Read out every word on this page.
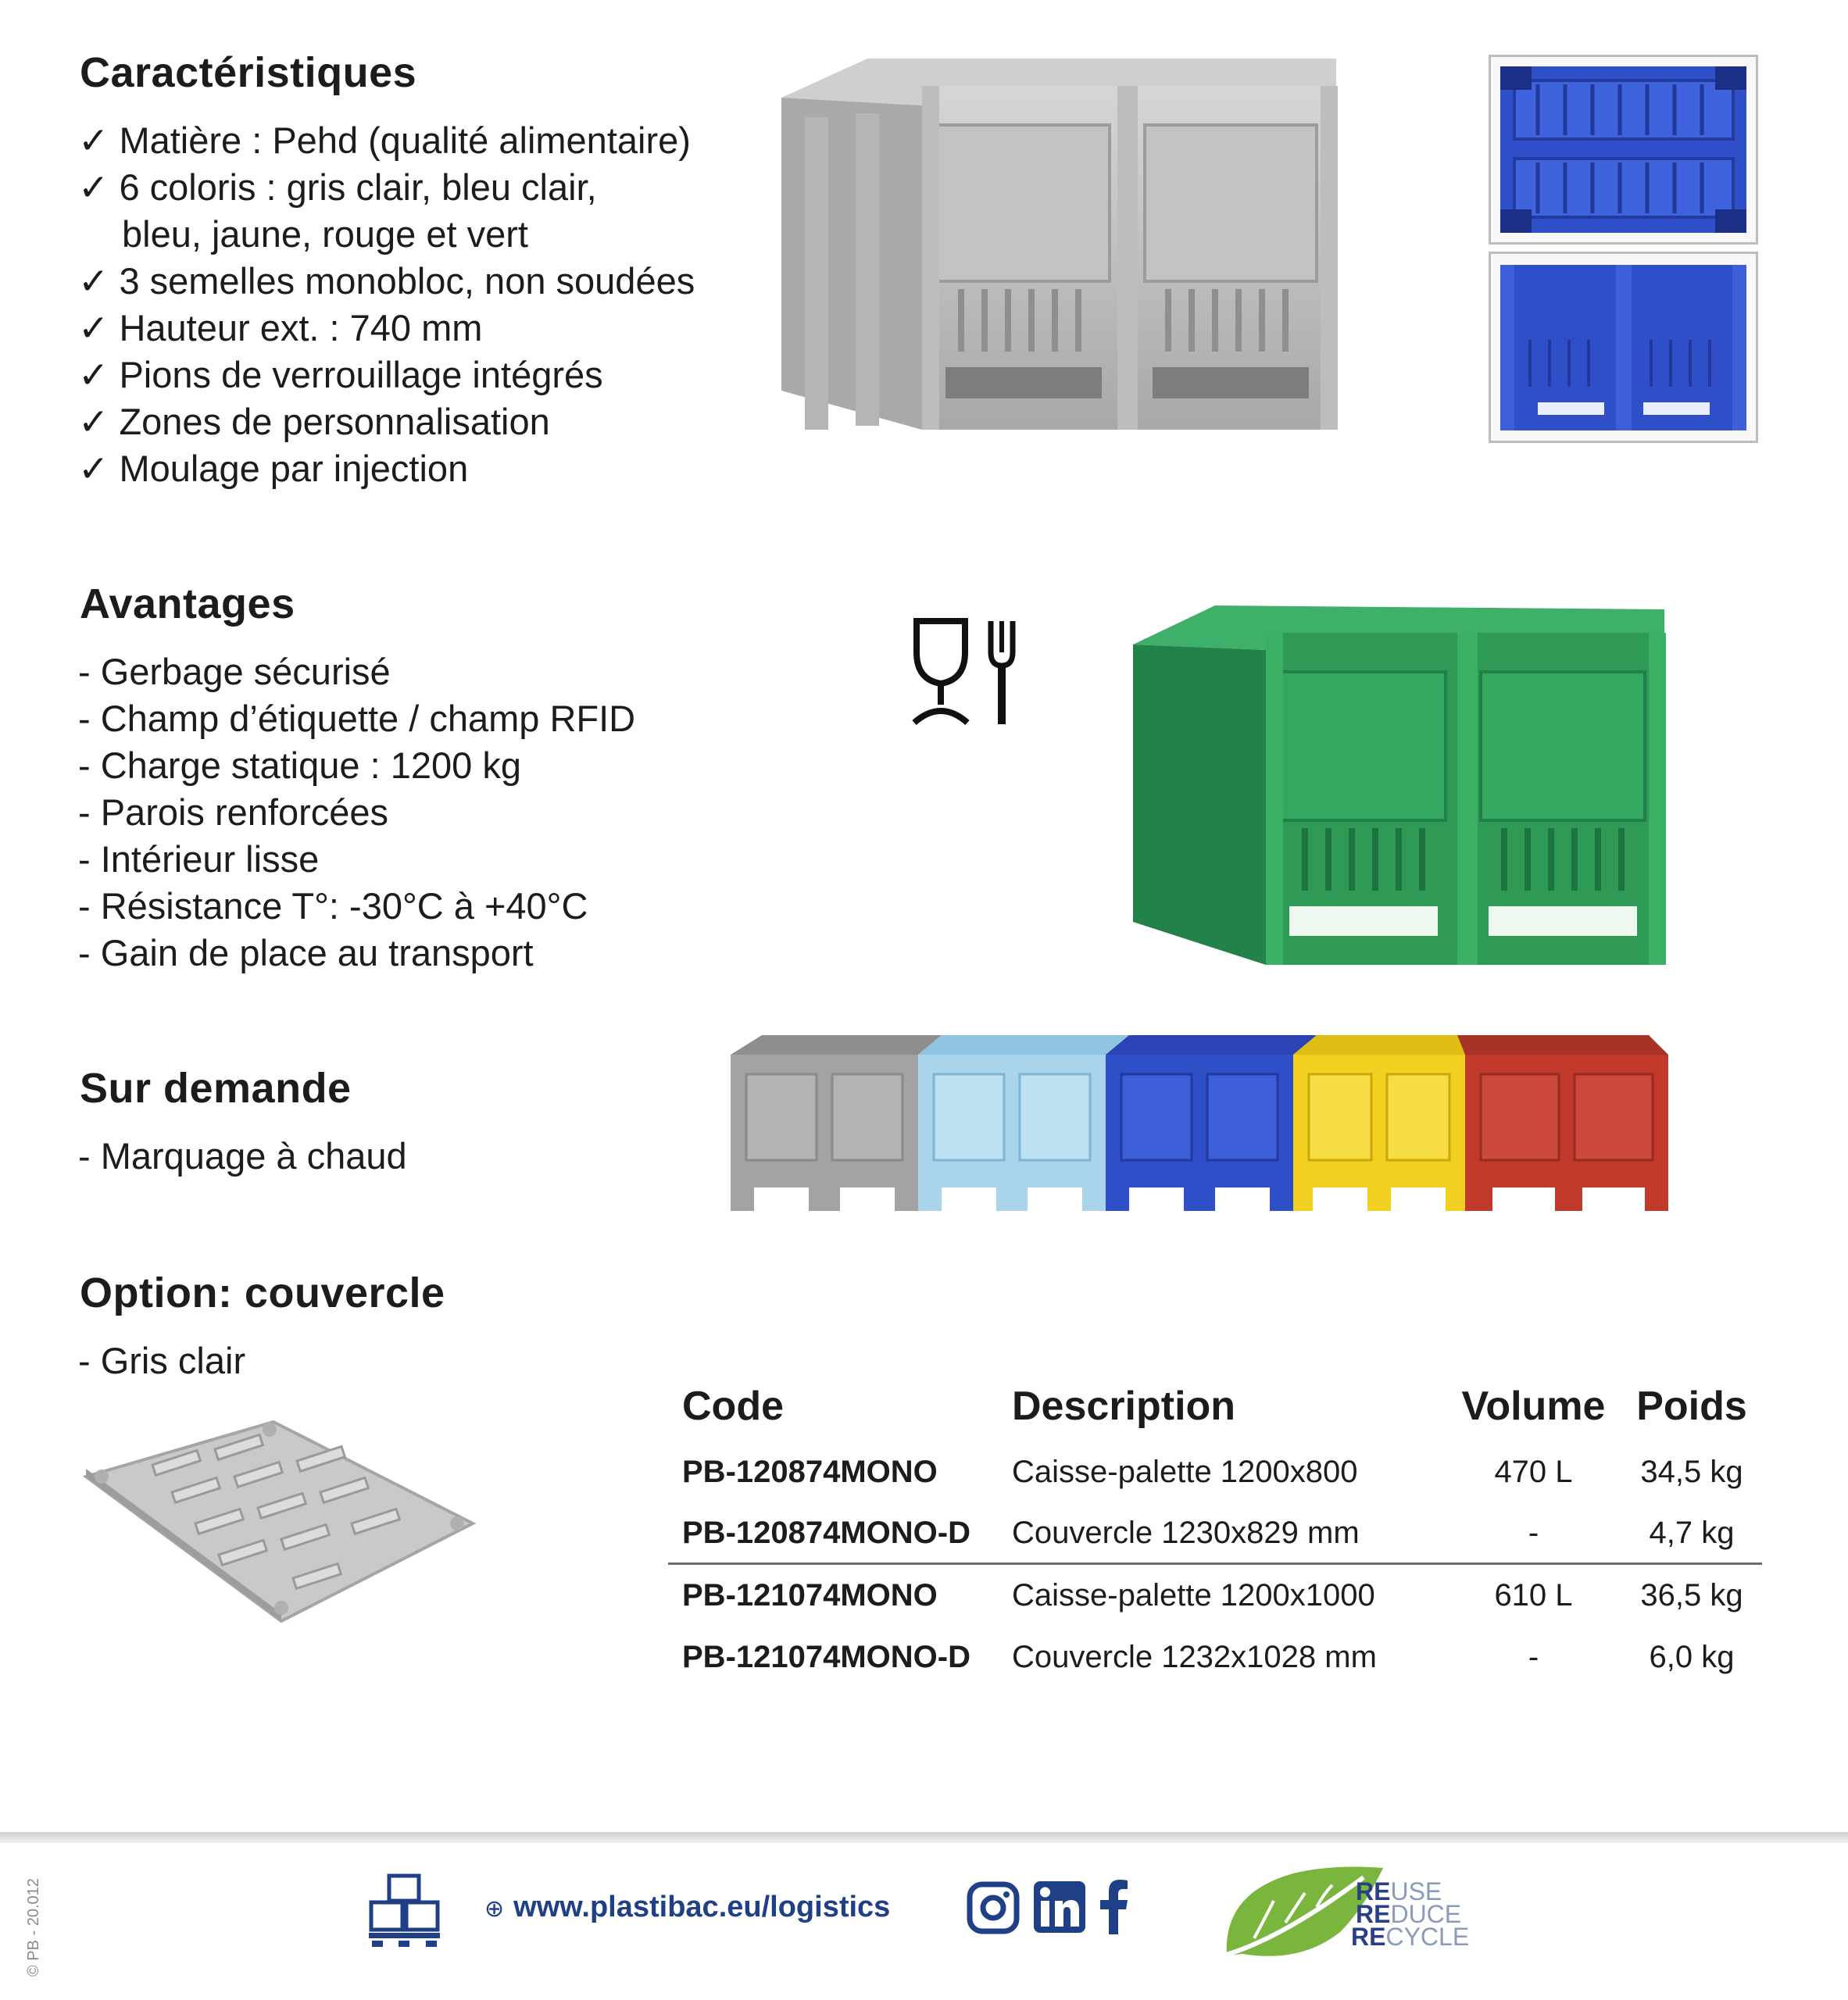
Caractéristiques
✓ Matière : Pehd (qualité alimentaire)
✓ 6 coloris : gris clair, bleu clair,
bleu, jaune, rouge et vert
✓ 3 semelles monobloc, non soudées
✓ Hauteur ext. : 740 mm
✓ Pions de verrouillage intégrés
✓ Zones de personnalisation
✓ Moulage par injection
Avantages
- Gerbage sécurisé
- Champ d’étiquette / champ RFID
- Charge statique : 1200 kg
- Parois renforcées
- Intérieur lisse
- Résistance T°: -30°C à +40°C
- Gain de place au transport
Sur demande
- Marquage à chaud
Option: couvercle
- Gris clair
Code	Description	Volume Poids
PB-120874MONO	Caisse-palette 1200x800	470 L	34,5 kg
PB-120874MONO-D	Couvercle 1230x829 mm	-	4,7 kg
PB-121074MONO	Caisse-palette 1200x1000	610 L	36,5 kg
PB-121074MONO-D	Couvercle 1232x1028 mm	-	6,0 kg
⊕ www.plastibac.eu/logistics	REUSE
REDUCE
RECYCLE
© PB - 20.012
